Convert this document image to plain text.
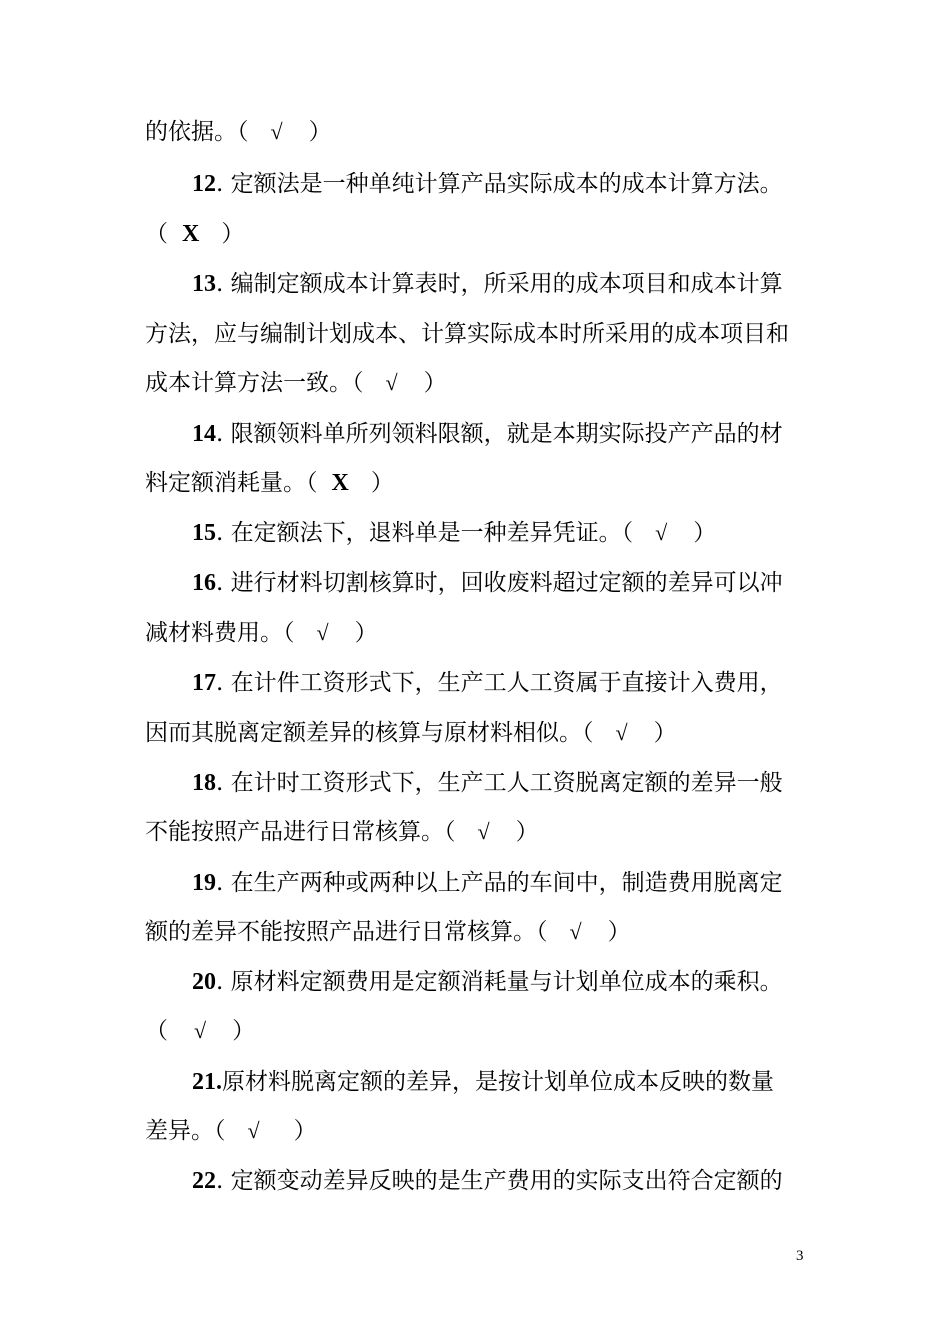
的依据。（ √ ）
12. 定额法是一种单纯计算产品实际成本的成本计算方法。
（ X ）
13. 编制定额成本计算表时，所采用的成本项目和成本计算
方法，应与编制计划成本、计算实际成本时所采用的成本项目和
成本计算方法一致。（ √ ）
14. 限额领料单所列领料限额，就是本期实际投产产品的材
料定额消耗量。（ X ）
15. 在定额法下，退料单是一种差异凭证。（ √ ）
16. 进行材料切割核算时，回收废料超过定额的差异可以冲
减材料费用。（ √ ）
17. 在计件工资形式下，生产工人工资属于直接计入费用，
因而其脱离定额差异的核算与原材料相似。（ √ ）
18. 在计时工资形式下，生产工人工资脱离定额的差异一般
不能按照产品进行日常核算。（ √ ）
19. 在生产两种或两种以上产品的车间中，制造费用脱离定
额的差异不能按照产品进行日常核算。（ √ ）
20. 原材料定额费用是定额消耗量与计划单位成本的乘积。
（ √ ）
21.原材料脱离定额的差异，是按计划单位成本反映的数量
差异。（ √ ）
22. 定额变动差异反映的是生产费用的实际支出符合定额的
3
